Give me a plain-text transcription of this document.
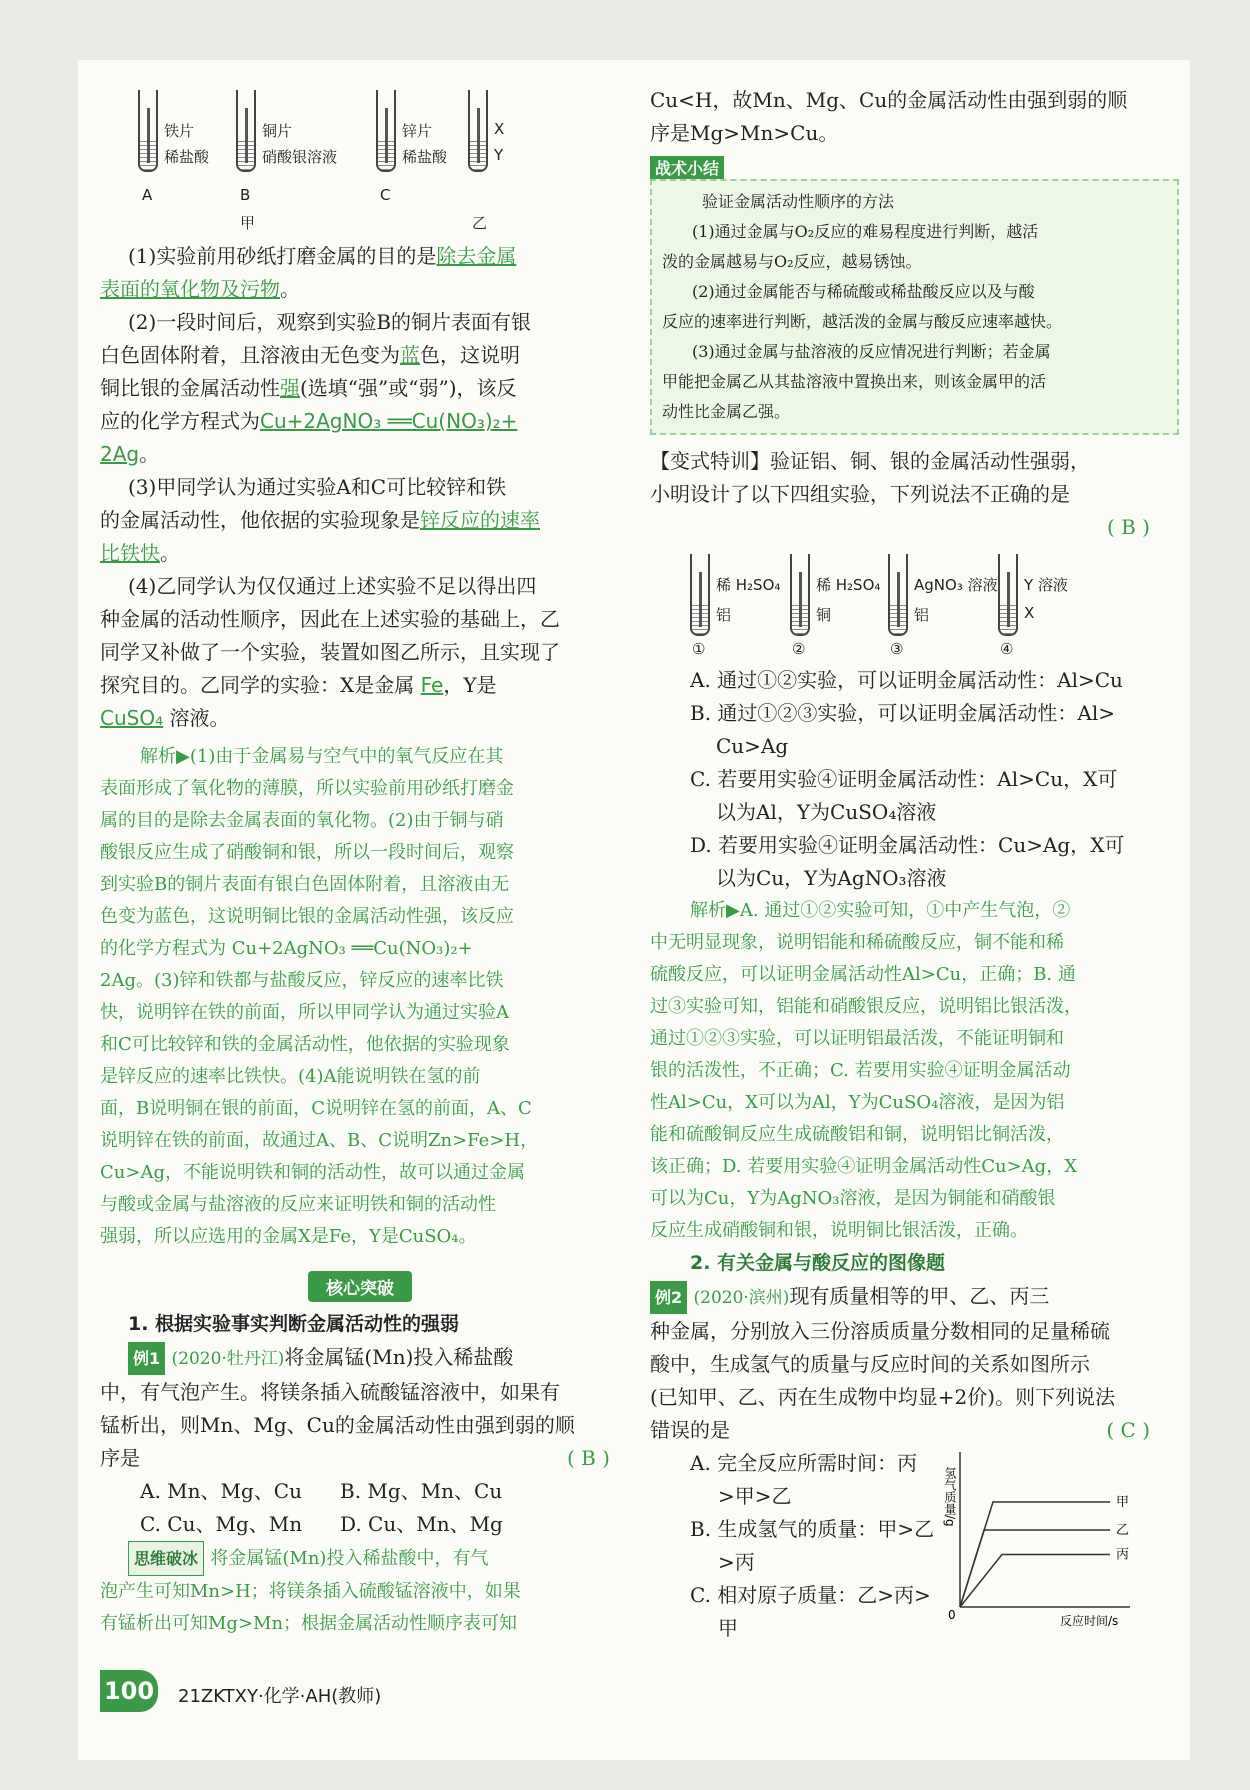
铁片
稀盐酸
A
铜片
硝酸银溶液
B
甲
锌片
稀盐酸
C
X
Y
乙
(1)实验前用砂纸打磨金属的目的是除去金属
表面的氧化物及污物。
(2)一段时间后，观察到实验B的铜片表面有银
白色固体附着，且溶液由无色变为蓝色，这说明
铜比银的金属活动性强(选填“强”或“弱”)，该反
应的化学方程式为Cu+2AgNO₃ ══Cu(NO₃)₂+
2Ag。
(3)甲同学认为通过实验A和C可比较锌和铁
的金属活动性，他依据的实验现象是锌反应的速率
比铁快。
(4)乙同学认为仅仅通过上述实验不足以得出四
种金属的活动性顺序，因此在上述实验的基础上，乙
同学又补做了一个实验，装置如图乙所示，且实现了
探究目的。乙同学的实验：X是金属 Fe，Y是
CuSO₄ 溶液。
解析▶(1)由于金属易与空气中的氧气反应在其
表面形成了氧化物的薄膜，所以实验前用砂纸打磨金
属的目的是除去金属表面的氧化物。(2)由于铜与硝
酸银反应生成了硝酸铜和银，所以一段时间后，观察
到实验B的铜片表面有银白色固体附着，且溶液由无
色变为蓝色，这说明铜比银的金属活动性强，该反应
的化学方程式为 Cu+2AgNO₃ ══Cu(NO₃)₂+
2Ag。(3)锌和铁都与盐酸反应，锌反应的速率比铁
快，说明锌在铁的前面，所以甲同学认为通过实验A
和C可比较锌和铁的金属活动性，他依据的实验现象
是锌反应的速率比铁快。(4)A能说明铁在氢的前
面，B说明铜在银的前面，C说明锌在氢的前面，A、C
说明锌在铁的前面，故通过A、B、C说明Zn>Fe>H，
Cu>Ag，不能说明铁和铜的活动性，故可以通过金属
与酸或金属与盐溶液的反应来证明铁和铜的活动性
强弱，所以应选用的金属X是Fe，Y是CuSO₄。
核心突破
1. 根据实验事实判断金属活动性的强弱
例1 (2020·牡丹江)将金属锰(Mn)投入稀盐酸
中，有气泡产生。将镁条插入硫酸锰溶液中，如果有
锰析出，则Mn、Mg、Cu的金属活动性由强到弱的顺
序是	( B )
A. Mn、Mg、Cu	B. Mg、Mn、Cu
C. Cu、Mg、Mn	D. Cu、Mn、Mg
思维破冰 将金属锰(Mn)投入稀盐酸中，有气
泡产生可知Mn>H；将镁条插入硫酸锰溶液中，如果
有锰析出可知Mg>Mn；根据金属活动性顺序表可知
Cu<H，故Mn、Mg、Cu的金属活动性由强到弱的顺
序是Mg>Mn>Cu。
战术小结
验证金属活动性顺序的方法
(1)通过金属与O₂反应的难易程度进行判断，越活
泼的金属越易与O₂反应，越易锈蚀。
(2)通过金属能否与稀硫酸或稀盐酸反应以及与酸
反应的速率进行判断，越活泼的金属与酸反应速率越快。
(3)通过金属与盐溶液的反应情况进行判断；若金属
甲能把金属乙从其盐溶液中置换出来，则该金属甲的活
动性比金属乙强。
【变式特训】验证铝、铜、银的金属活动性强弱，
小明设计了以下四组实验，下列说法不正确的是
( B )
稀 H₂SO₄
铝
①
稀 H₂SO₄
铜
②
AgNO₃ 溶液
铝
③
Y 溶液
X
④
A. 通过①②实验，可以证明金属活动性：Al>Cu
B. 通过①②③实验，可以证明金属活动性：Al>
Cu>Ag
C. 若要用实验④证明金属活动性：Al>Cu，X可
以为Al，Y为CuSO₄溶液
D. 若要用实验④证明金属活动性：Cu>Ag，X可
以为Cu，Y为AgNO₃溶液
解析▶A. 通过①②实验可知，①中产生气泡，②
中无明显现象，说明铝能和稀硫酸反应，铜不能和稀
硫酸反应，可以证明金属活动性Al>Cu，正确；B. 通
过③实验可知，铝能和硝酸银反应，说明铝比银活泼，
通过①②③实验，可以证明铝最活泼，不能证明铜和
银的活泼性，不正确；C. 若要用实验④证明金属活动
性Al>Cu，X可以为Al，Y为CuSO₄溶液，是因为铝
能和硫酸铜反应生成硫酸铝和铜，说明铝比铜活泼，
该正确；D. 若要用实验④证明金属活动性Cu>Ag，X
可以为Cu，Y为AgNO₃溶液，是因为铜能和硝酸银
反应生成硝酸铜和银，说明铜比银活泼，正确。
2. 有关金属与酸反应的图像题
例2 (2020·滨州)现有质量相等的甲、乙、丙三
种金属，分别放入三份溶质质量分数相同的足量稀硫
酸中，生成氢气的质量与反应时间的关系如图所示
(已知甲、乙、丙在生成物中均显+2价)。则下列说法
错误的是	( C )
A. 完全反应所需时间：丙
>甲>乙
B. 生成氢气的质量：甲>乙
>丙
C. 相对原子质量：乙>丙>
甲
氢气质量/g
反应时间/s
0
甲
乙
丙
100 21ZKTXY·化学·AH(教师)
